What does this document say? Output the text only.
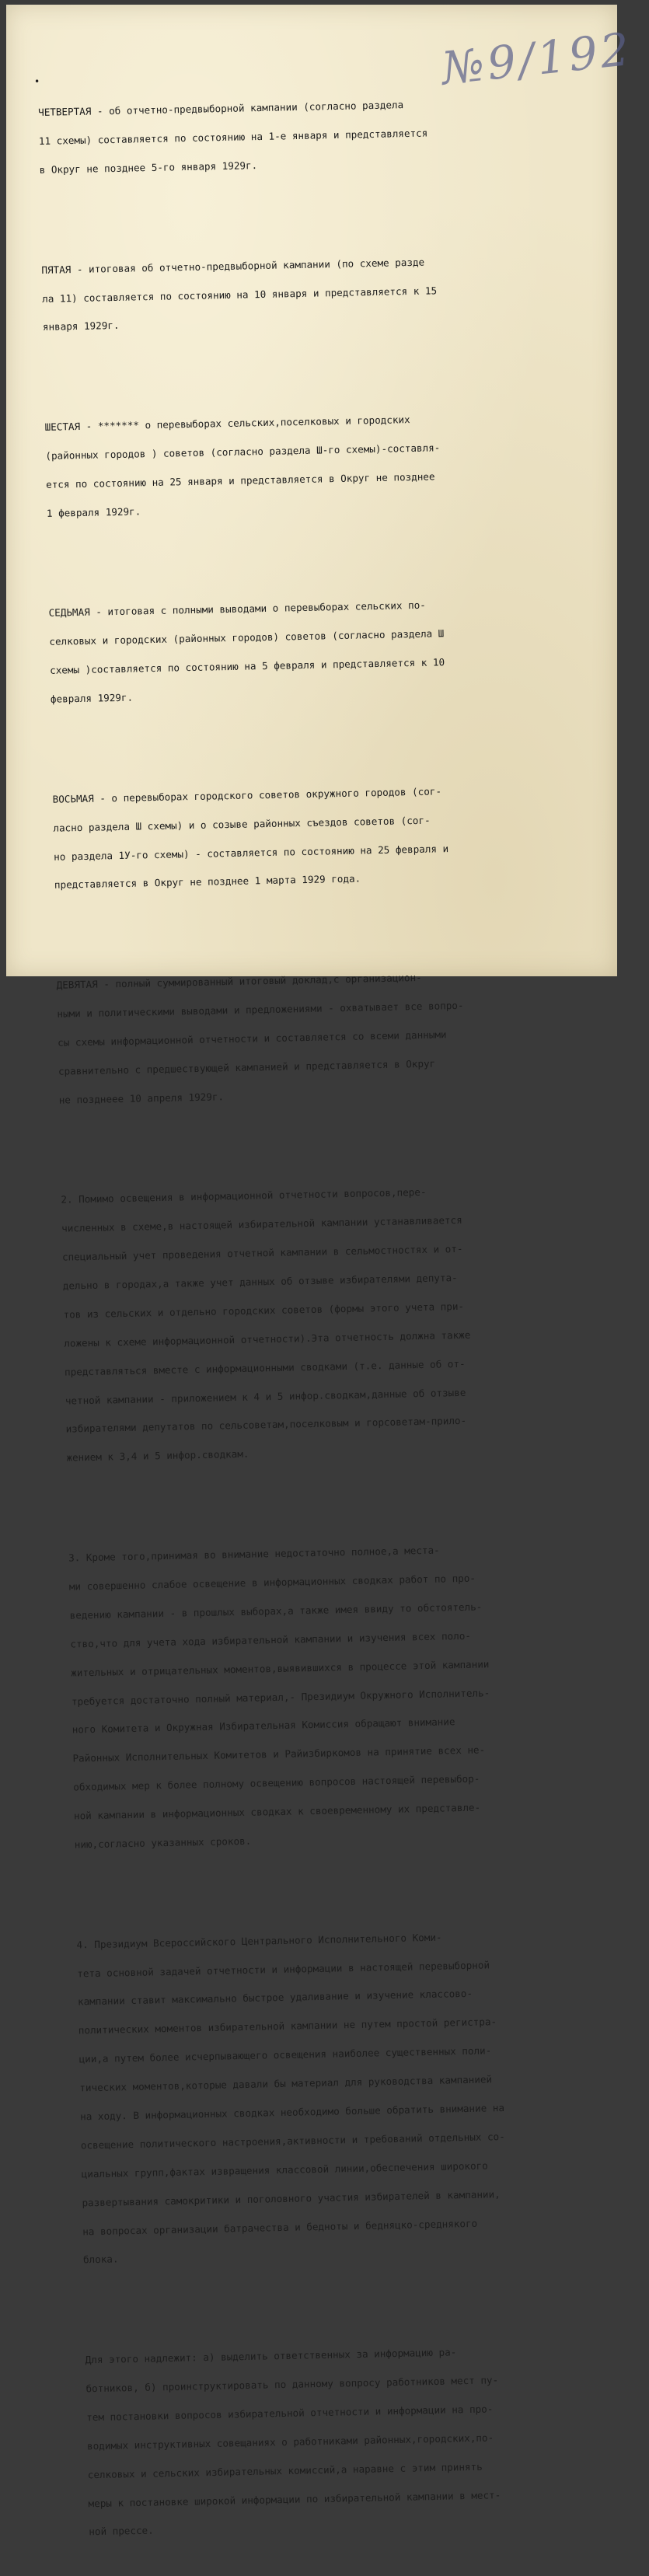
№9/192
•

ЧЕТВЕРТАЯ - об отчетно-предвыборной кампании (согласно раздела

11 схемы) составляется по состоянию на 1-е января и представляется

в Округ не позднее 5-го января 1929г.

ПЯТАЯ - итоговая об отчетно-предвыборной кампании (по схеме разде

ла 11) составляется по состоянию на 10 января и представляется к 15

января 1929г.

ШЕСТАЯ - ******* о перевыборах сельских,поселковых и городских

(районных городов ) советов (согласно раздела Ш-го схемы)-составля-

ется по состоянию на 25 января и представляется в Округ не позднее

1 февраля 1929г.

СЕДЬМАЯ - итоговая с полными выводами о перевыборах сельских по-

селковых и городских (районных городов) советов (согласно раздела Ш

схемы )составляется по состоянию на 5 февраля и представляется к 10

февраля 1929г.

ВОСЬМАЯ - о перевыборах городского советов окружного городов (сог-

ласно раздела Ш схемы) и о созыве районных съездов советов (сог-

но раздела 1У-го схемы) - составляется по состоянию на 25 февраля и

представляется в Округ не позднее 1 марта 1929 года.

ДЕВЯТАЯ - полный суммированный итоговый доклад,с организацион-

ными и политическими выводами и предложениями - охватывает все вопро-

сы схемы информационной отчетности и составляется со всеми данными

сравнительно с предшествующей кампанией и представляется в Округ

не позднеее 10 апреля 1929г.

2. Помимо освещения в информационной отчетности вопросов,пере-

численных в схеме,в настоящей избирательной кампании устанавливается

специальный учет проведения отчетной кампании в сельмостностях и от-

дельно в городах,а также учет данных об отзыве избирателями депута-

тов из сельских и отдельно городских советов (формы этого учета при-

ложены к схеме информационной отчетности).Эта отчетность должна также

представляться вместе с информационными сводками (т.е. данные об от-

четной кампании - приложением к 4 и 5 инфор.сводкам,данные об отзыве

избирателями депутатов по сельсоветам,поселковым и горсоветам-прило-

жением к 3,4 и 5 инфор.сводкам.

3. Кроме того,принимая во внимание недостаточно полное,а места-

ми совершенно слабое освещение в информационных сводках работ по про-

ведению кампании - в прошлых выборах,а также имея ввиду то обстоятель-

ство,что для учета хода избирательной кампании и изучения всех поло-

жительных и отрицательных моментов,выявившихся в процессе этой кампании

требуется достаточно полный материал,- Президиум Окружного Исполнитель-

ного Комитета и Окружная Избирательная Комиссия обращают внимание

Районных Исполнительных Комитетов и Райизбиркомов на принятие всех не-

обходимых мер к более полному освещению вопросов настоящей перевыбор-

ной кампании в информационных сводках к своевременному их представле-

нию,согласно указанных сроков.

4. Президиум Всероссийского Центрального Исполнительного Коми-

тета основной задачей отчетности и информации в настоящей перевыборной

кампании ставит максимально быстрое удаливание и изучение классово-

политических моментов избирательной кампании не путем простой регистра-

ции,а путем более исчерпывающего освещения наиболее существенных поли-

тических моментов,которые давали бы материал для руководства кампанией

на ходу. В информационных сводках необходимо больше обратить внимание на

освещение политическогo настроения,активности и требований отдельных со-

циальных групп,фактах извращения классовой линии,обеспечения широкого

развертывания самокритики и поголовного участия избирателей в кампании,

на вопросах организации батрачества и бедноты и бедняцко-среднякого

блока.

Для этого надлежит: а) выделить ответственных за информацию ра-

ботников, б) проинструктировать по данному вопросу работников мест пу-

тем постановки вопросов избирательной отчетности и информации на про-

водимых инструктивных совещаниях о работниками районных,городских,по-

селковых и сельских избирательных комиссий,а наравне с этим принять

меры к постановке широкой информации по избирательной кампании в мест-

ной прессе.
